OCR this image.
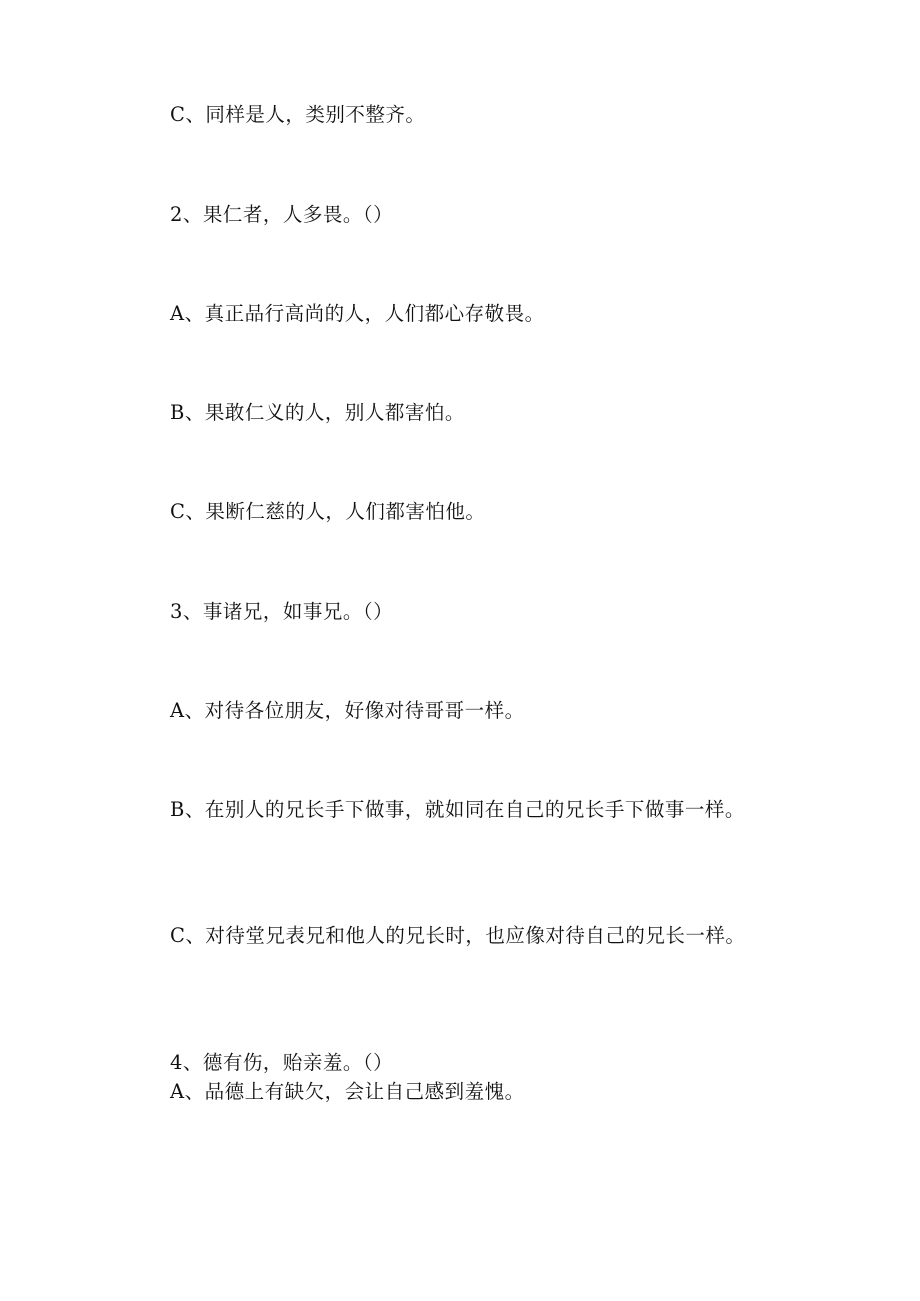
C、同样是人，类别不整齐。
2、果仁者，人多畏。（）
A、真正品行高尚的人，人们都心存敬畏。
B、果敢仁义的人，别人都害怕。
C、果断仁慈的人，人们都害怕他。
3、事诸兄，如事兄。（）
A、对待各位朋友，好像对待哥哥一样。
B、在别人的兄长手下做事，就如同在自己的兄长手下做事一样。
C、对待堂兄表兄和他人的兄长时，也应像对待自己的兄长一样。
4、德有伤，贻亲羞。（）
A、品德上有缺欠，会让自己感到羞愧。
